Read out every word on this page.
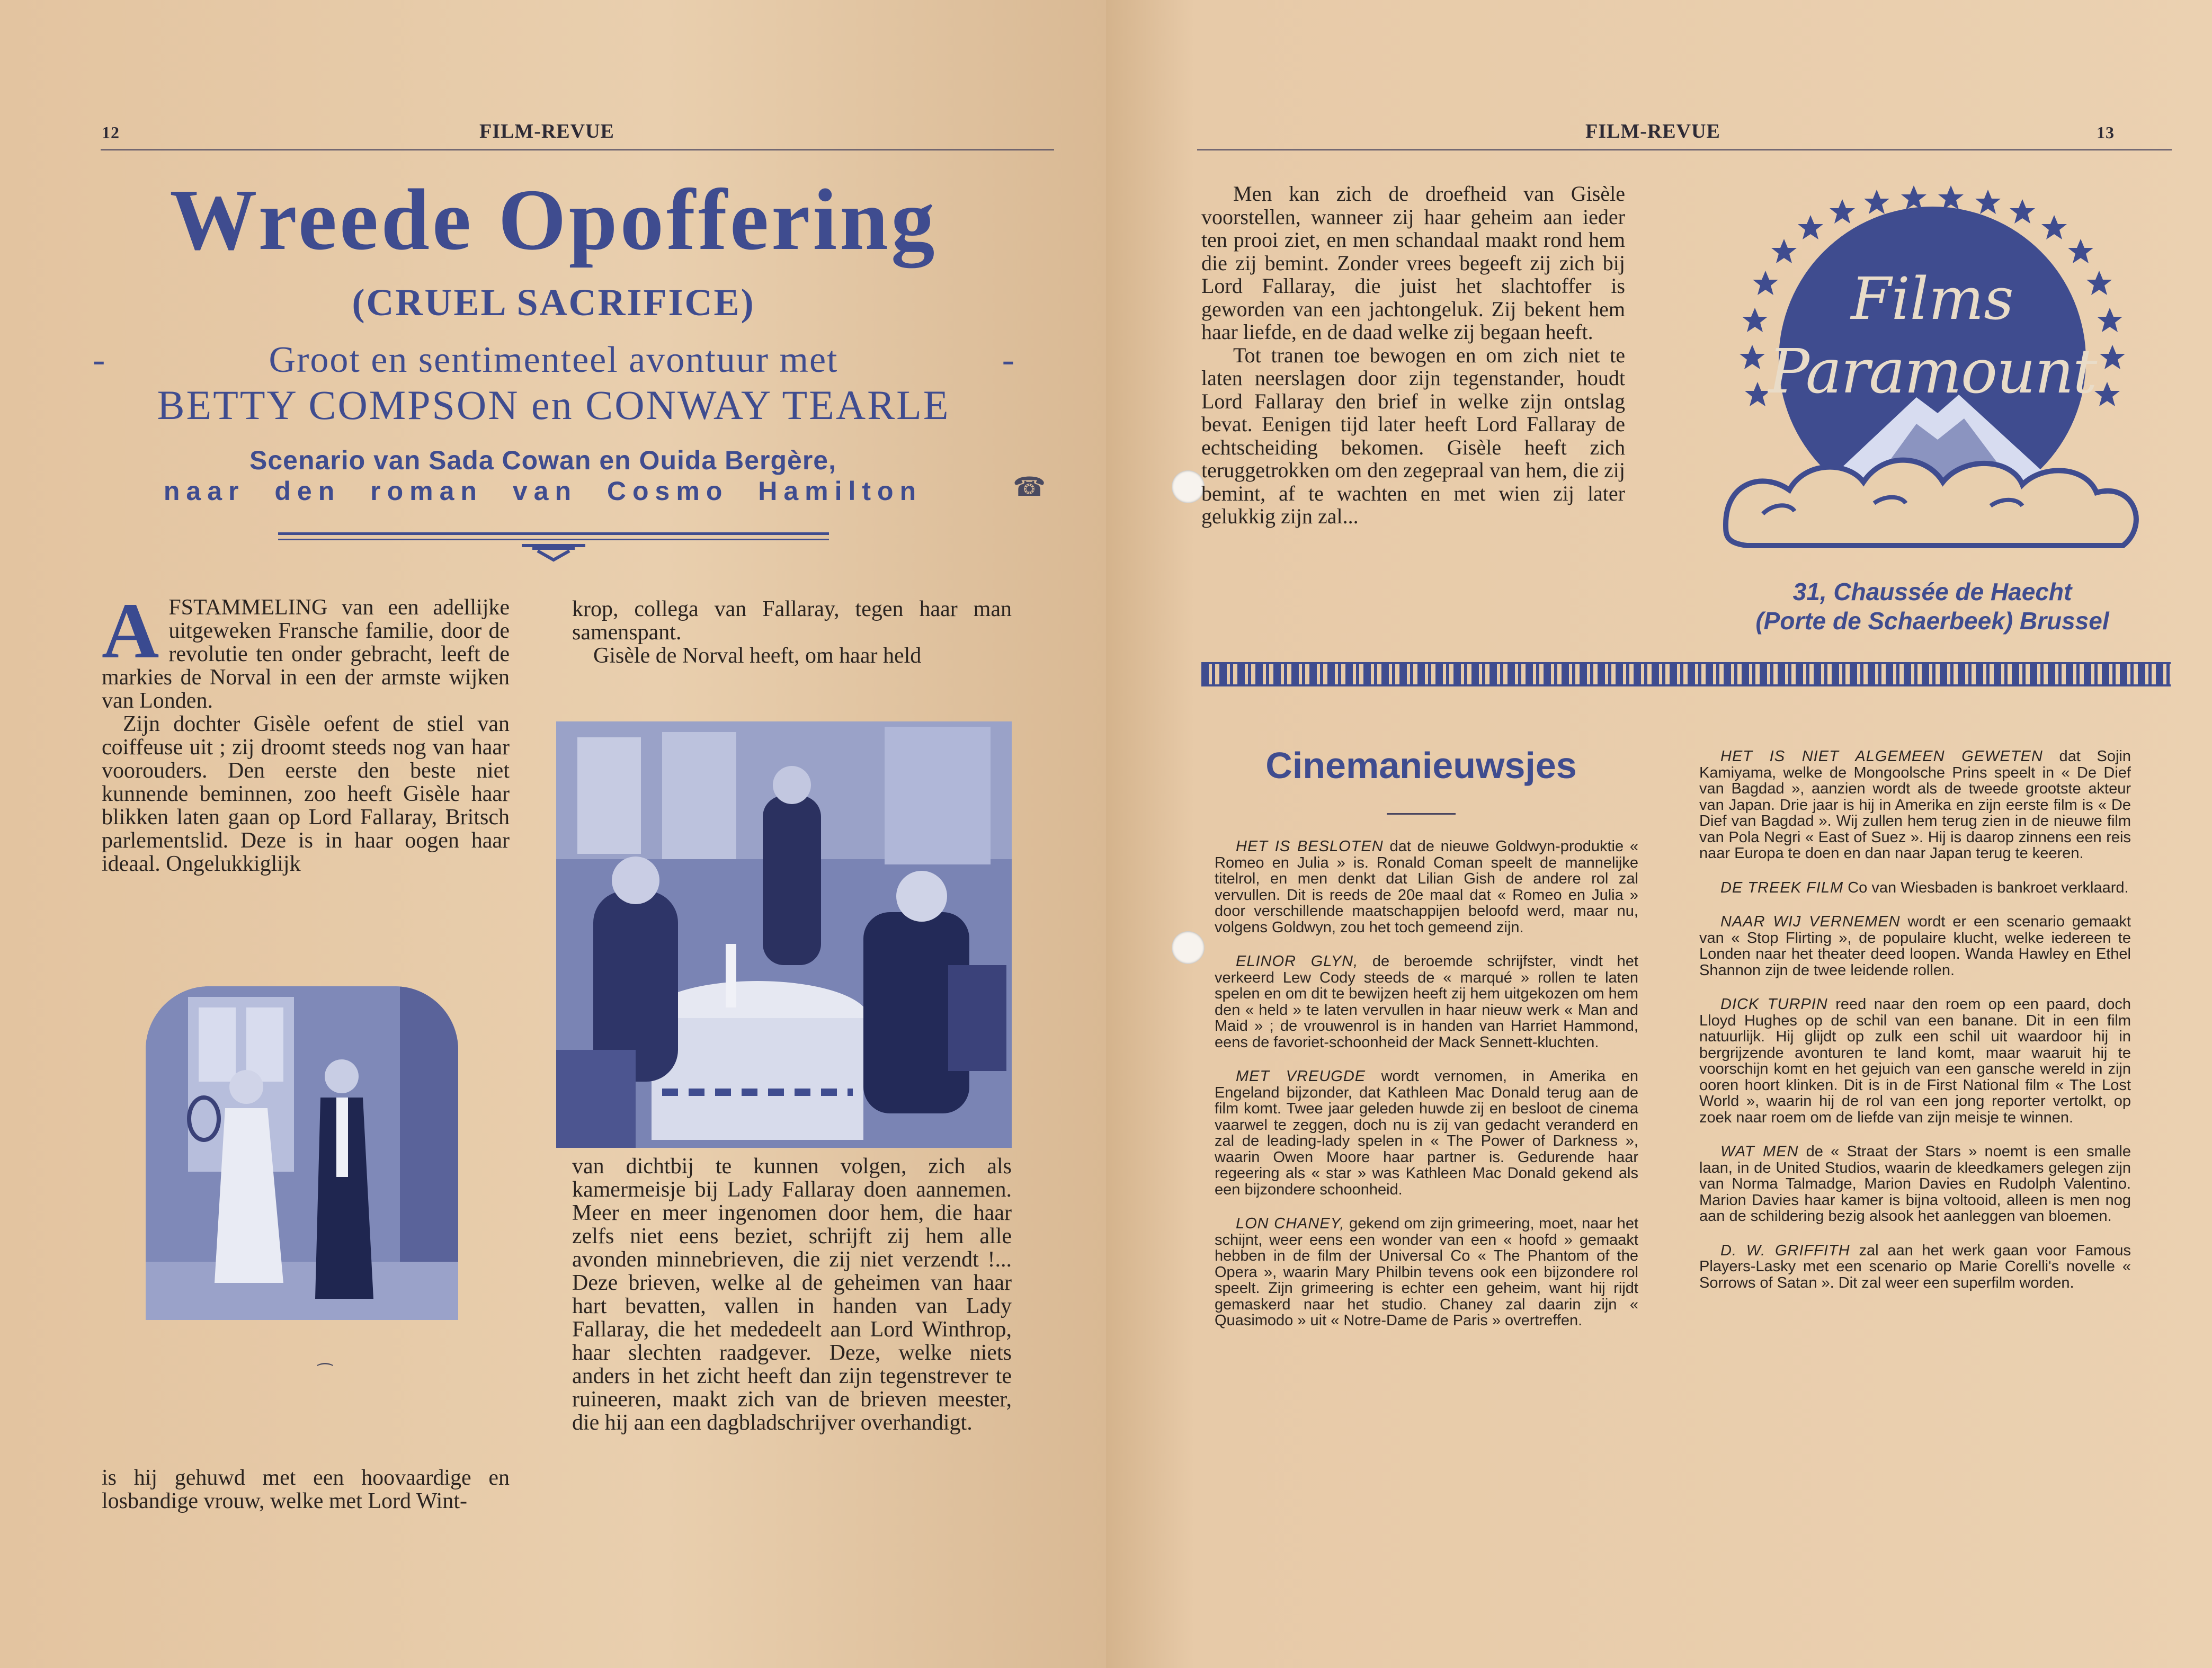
12	FILM-REVUE
Wreede Opoffering
(CRUEL SACRIFICE)
-	Groot en sentimenteel avontuur met	-
BETTY COMPSON en CONWAY TEARLE
Scenario van Sada Cowan en Ouida Bergère,
naar den roman van Cosmo Hamilton	☎
A FSTAMMELING van een adellijke uitgeweken Fransche familie, door de revolutie ten onder gebracht, leeft de markies de Norval in een der armste wijken van Londen.

Zijn dochter Gisèle oefent de stiel van coiffeuse uit ; zij droomt steeds nog van haar voorouders. Den eerste den beste niet kunnende beminnen, zoo heeft Gisèle haar blikken laten gaan op Lord Fallaray, Britsch parlementslid. Deze is in haar oogen haar ideaal. Ongelukkiglijk

krop, collega van Fallaray, tegen haar man samenspant.

Gisèle de Norval heeft, om haar held

van dichtbij te kunnen volgen, zich als kamermeisje bij Lady Fallaray doen aannemen. Meer en meer ingenomen door hem, die haar zelfs niet eens beziet, schrijft zij hem alle avonden minnebrieven, die zij niet verzendt !... Deze brieven, welke al de geheimen van haar hart bevatten, vallen in handen van Lady Fallaray, die het mededeelt aan Lord Winthrop, haar slechten raadgever. Deze, welke niets anders in het zicht heeft dan zijn tegenstrever te ruineeren, maakt zich van de brieven meester, die hij aan een dagbladschrijver overhandigt.

⁔

is hij gehuwd met een hoovaardige en losbandige vrouw, welke met Lord Wint-

FILM-REVUE	13

Men kan zich de droefheid van Gisèle voorstellen, wanneer zij haar geheim aan ieder ten prooi ziet, en men schandaal maakt rond hem die zij bemint. Zonder vrees begeeft zij zich bij Lord Fallaray, die juist het slachtoffer is geworden van een jachtongeluk. Zij bekent hem haar liefde, en de daad welke zij begaan heeft.

Tot tranen toe bewogen en om zich niet te laten neerslagen door zijn tegenstander, houdt Lord Fallaray den brief in welke zijn ontslag bevat. Eenigen tijd later heeft Lord Fallaray de echtscheiding bekomen. Gisèle heeft zich teruggetrokken om den zegepraal van hem, die zij bemint, af te wachten en met wien zij later gelukkig zijn zal...

Films
Paramount
31, Chaussée de Haecht
(Porte de Schaerbeek) Brussel
Cinemanieuwsjes

HET IS BESLOTEN dat de nieuwe Goldwyn-produktie « Romeo en Julia » is. Ronald Coman speelt de mannelijke titelrol, en men denkt dat Lilian Gish de andere rol zal vervullen. Dit is reeds de 20e maal dat « Romeo en Julia » door verschillende maatschappijen beloofd werd, maar nu, volgens Goldwyn, zou het toch gemeend zijn.

ELINOR GLYN, de beroemde schrijfster, vindt het verkeerd Lew Cody steeds de « marqué » rollen te laten spelen en om dit te bewijzen heeft zij hem uitgekozen om hem den « held » te laten vervullen in haar nieuw werk « Man and Maid » ; de vrouwenrol is in handen van Harriet Hammond, eens de favoriet-schoonheid der Mack Sennett-kluchten.

MET VREUGDE wordt vernomen, in Amerika en Engeland bijzonder, dat Kathleen Mac Donald terug aan de film komt. Twee jaar geleden huwde zij en besloot de cinema vaarwel te zeggen, doch nu is zij van gedacht veranderd en zal de leading-lady spelen in « The Power of Darkness », waarin Owen Moore haar partner is. Gedurende haar regeering als « star » was Kathleen Mac Donald gekend als een bijzondere schoonheid.

LON CHANEY, gekend om zijn grimeering, moet, naar het schijnt, weer eens een wonder van een « hoofd » gemaakt hebben in de film der Universal Co « The Phantom of the Opera », waarin Mary Philbin tevens ook een bijzondere rol speelt. Zijn grimeering is echter een geheim, want hij rijdt gemaskerd naar het studio. Chaney zal daarin zijn « Quasimodo » uit « Notre-Dame de Paris » overtreffen.

HET IS NIET ALGEMEEN GEWETEN dat Sojin Kamiyama, welke de Mongoolsche Prins speelt in « De Dief van Bagdad », aanzien wordt als de tweede grootste akteur van Japan. Drie jaar is hij in Amerika en zijn eerste film is « De Dief van Bagdad ». Wij zullen hem terug zien in de nieuwe film van Pola Negri « East of Suez ». Hij is daarop zinnens een reis naar Europa te doen en dan naar Japan terug te keeren.

DE TREEK FILM Co van Wiesbaden is bankroet verklaard.

NAAR WIJ VERNEMEN wordt er een scenario gemaakt van « Stop Flirting », de populaire klucht, welke iedereen te Londen naar het theater deed loopen. Wanda Hawley en Ethel Shannon zijn de twee leidende rollen.

DICK TURPIN reed naar den roem op een paard, doch Lloyd Hughes op de schil van een banane. Dit in een film natuurlijk. Hij glijdt op zulk een schil uit waardoor hij in bergrijzende avonturen te land komt, maar waaruit hij te voorschijn komt en het gejuich van een gansche wereld in zijn ooren hoort klinken. Dit is in de First National film « The Lost World », waarin hij de rol van een jong reporter vertolkt, op zoek naar roem om de liefde van zijn meisje te winnen.

WAT MEN de « Straat der Stars » noemt is een smalle laan, in de United Studios, waarin de kleedkamers gelegen zijn van Norma Talmadge, Marion Davies en Rudolph Valentino. Marion Davies haar kamer is bijna voltooid, alleen is men nog aan de schildering bezig alsook het aanleggen van bloemen.

D. W. GRIFFITH zal aan het werk gaan voor Famous Players-Lasky met een scenario op Marie Corelli's novelle « Sorrows of Satan ». Dit zal weer een superfilm worden.
